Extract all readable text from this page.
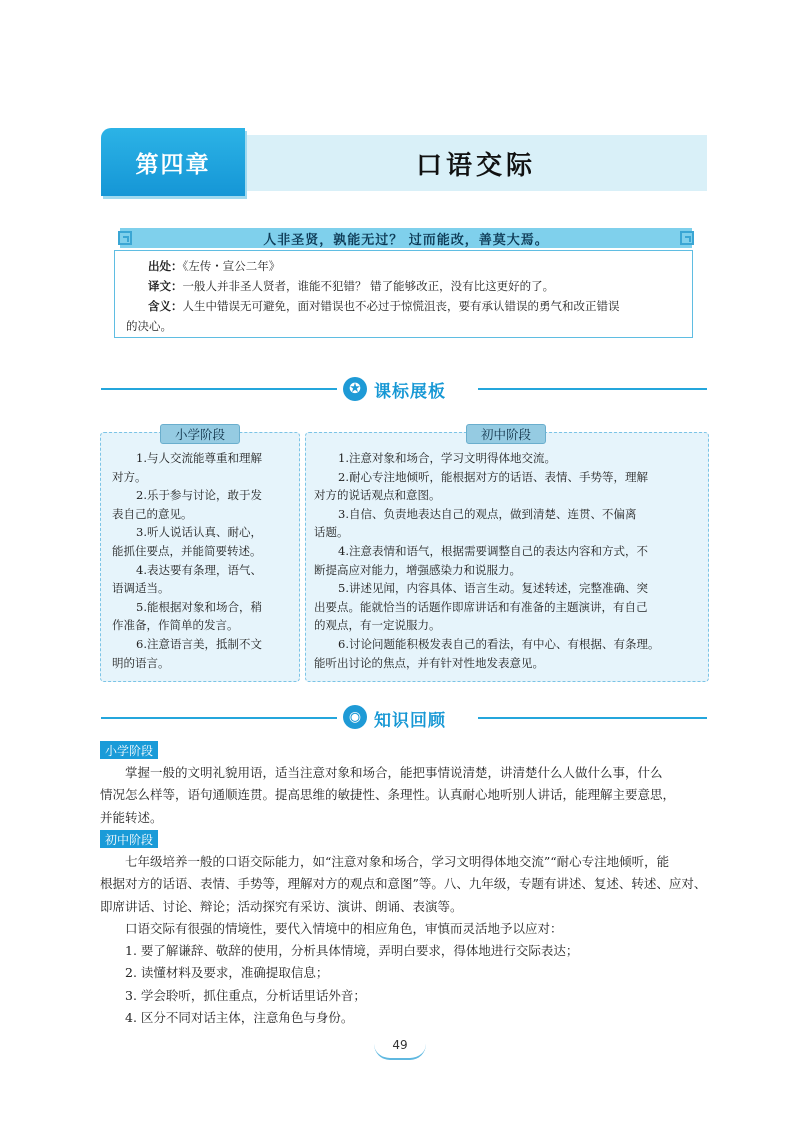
第四章	口语交际
人非圣贤，孰能无过？ 过而能改，善莫大焉。
出处：《左传・宣公二年》
译文：一般人并非圣人贤者，谁能不犯错？ 错了能够改正，没有比这更好的了。
含义：人生中错误无可避免，面对错误也不必过于惊慌沮丧，要有承认错误的勇气和改正错误
的决心。
✪ 课标展板
小学阶段

1.与人交流能尊重和理解

对方。

2.乐于参与讨论，敢于发

表自己的意见。

3.听人说话认真、耐心，

能抓住要点，并能简要转述。

4.表达要有条理，语气、

语调适当。

5.能根据对象和场合，稍

作准备，作简单的发言。

6.注意语言美，抵制不文

明的语言。

初中阶段

1.注意对象和场合，学习文明得体地交流。

2.耐心专注地倾听，能根据对方的话语、表情、手势等，理解

对方的说话观点和意图。

3.自信、负责地表达自己的观点，做到清楚、连贯、不偏离

话题。

4.注意表情和语气，根据需要调整自己的表达内容和方式，不

断提高应对能力，增强感染力和说服力。

5.讲述见闻，内容具体、语言生动。复述转述，完整准确、突

出要点。能就恰当的话题作即席讲话和有准备的主题演讲，有自己

的观点，有一定说服力。

6.讨论问题能积极发表自己的看法，有中心、有根据、有条理。

能听出讨论的焦点，并有针对性地发表意见。

◉ 知识回顾
小学阶段

掌握一般的文明礼貌用语，适当注意对象和场合，能把事情说清楚，讲清楚什么人做什么事，什么

情况怎么样等，语句通顺连贯。提高思维的敏捷性、条理性。认真耐心地听别人讲话，能理解主要意思，

并能转述。

初中阶段

七年级培养一般的口语交际能力，如“注意对象和场合，学习文明得体地交流”“耐心专注地倾听，能

根据对方的话语、表情、手势等，理解对方的观点和意图”等。八、九年级，专题有讲述、复述、转述、应对、

即席讲话、讨论、辩论；活动探究有采访、演讲、朗诵、表演等。

口语交际有很强的情境性，要代入情境中的相应角色，审慎而灵活地予以应对：

1. 要了解谦辞、敬辞的使用，分析具体情境，弄明白要求，得体地进行交际表达；

2. 读懂材料及要求，准确提取信息；

3. 学会聆听，抓住重点，分析话里话外音；

4. 区分不同对话主体，注意角色与身份。

49
